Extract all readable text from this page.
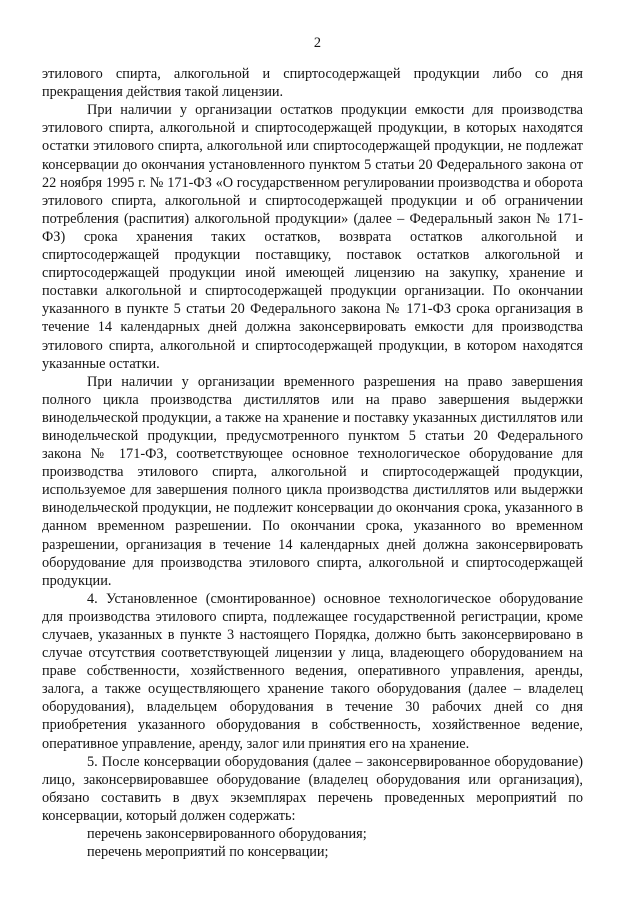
2

этилового спирта, алкогольной и спиртосодержащей продукции либо со дня прекращения действия такой лицензии.

При наличии у организации остатков продукции емкости для производства этилового спирта, алкогольной и спиртосодержащей продукции, в которых находятся остатки этилового спирта, алкогольной или спиртосодержащей продукции, не подлежат консервации до окончания установленного пунктом 5 статьи 20 Федерального закона от 22 ноября 1995 г. № 171-ФЗ «О государственном регулировании производства и оборота этилового спирта, алкогольной и спиртосодержащей продукции и об ограничении потребления (распития) алкогольной продукции» (далее – Федеральный закон № 171-ФЗ) срока хранения таких остатков, возврата остатков алкогольной и спиртосодержащей продукции поставщику, поставок остатков алкогольной и спиртосодержащей продукции иной имеющей лицензию на закупку, хранение и поставки алкогольной и спиртосодержащей продукции организации. По окончании указанного в пункте 5 статьи 20 Федерального закона № 171-ФЗ срока организация в течение 14 календарных дней должна законсервировать емкости для производства этилового спирта, алкогольной и спиртосодержащей продукции, в котором находятся указанные остатки.

При наличии у организации временного разрешения на право завершения полного цикла производства дистиллятов или на право завершения выдержки винодельческой продукции, а также на хранение и поставку указанных дистиллятов или винодельческой продукции, предусмотренного пунктом 5 статьи 20 Федерального закона № 171-ФЗ, соответствующее основное технологическое оборудование для производства этилового спирта, алкогольной и спиртосодержащей продукции, используемое для завершения полного цикла производства дистиллятов или выдержки винодельческой продукции, не подлежит консервации до окончания срока, указанного в данном временном разрешении. По окончании срока, указанного во временном разрешении, организация в течение 14 календарных дней должна законсервировать оборудование для производства этилового спирта, алкогольной и спиртосодержащей продукции.

4. Установленное (смонтированное) основное технологическое оборудование для производства этилового спирта, подлежащее государственной регистрации, кроме случаев, указанных в пункте 3 настоящего Порядка, должно быть законсервировано в случае отсутствия соответствующей лицензии у лица, владеющего оборудованием на праве собственности, хозяйственного ведения, оперативного управления, аренды, залога, а также осуществляющего хранение такого оборудования (далее – владелец оборудования), владельцем оборудования в течение 30 рабочих дней со дня приобретения указанного оборудования в собственность, хозяйственное ведение, оперативное управление, аренду, залог или принятия его на хранение.

5. После консервации оборудования (далее – законсервированное оборудование) лицо, законсервировавшее оборудование (владелец оборудования или организация), обязано составить в двух экземплярах перечень проведенных мероприятий по консервации, который должен содержать:

перечень законсервированного оборудования;

перечень мероприятий по консервации;
